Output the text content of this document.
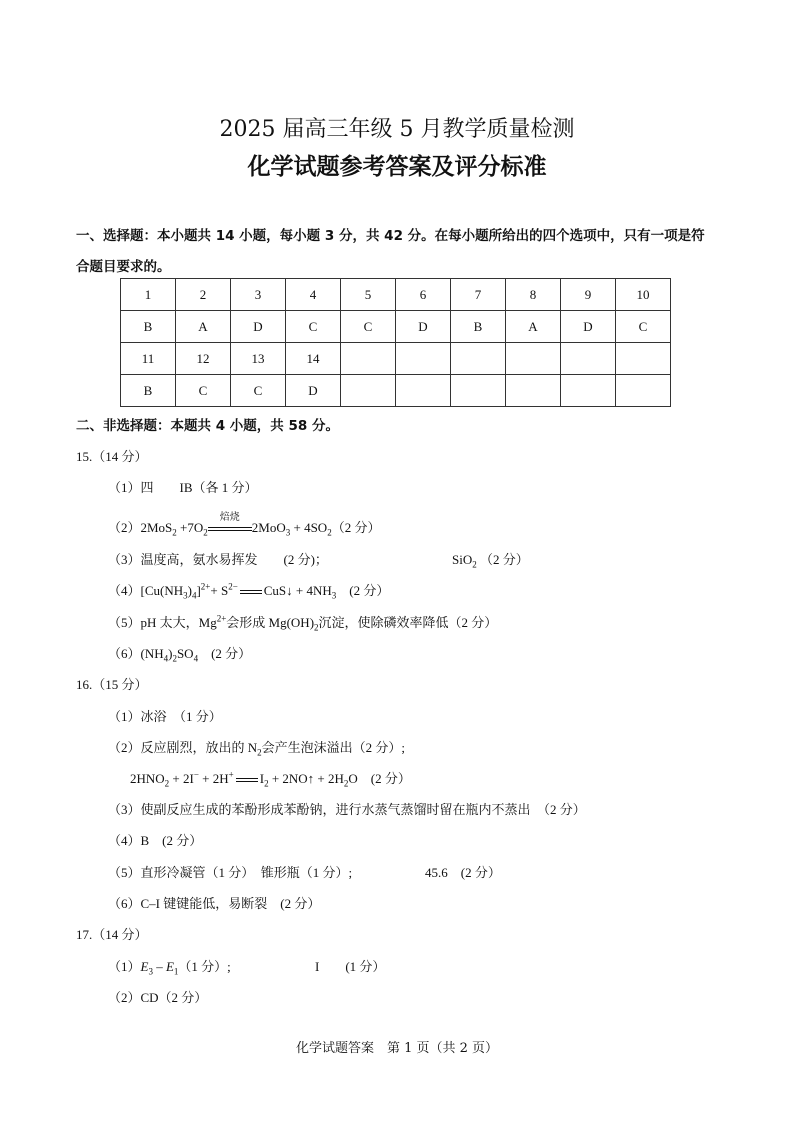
2025 届高三年级 5 月教学质量检测
化学试题参考答案及评分标准
一、选择题：本小题共 14 小题，每小题 3 分，共 42 分。在每小题所给出的四个选项中，只有一项是符
合题目要求的。
1	2	3	4	5	6	7	8	9	10
B	A	D	C	C	D	B	A	D	C
11	12	13	14						
B	C	C	D						
二、非选择题：本题共 4 小题，共 58 分。
15.（14 分）
（1）四　　IB（各 1 分）
$(2)2MoS_2 +7O_2$
焙烧
$2MoO_3 + 4SO_2(2$ 分）
（3）温度高，氨水易挥发　　(2 分)；	SiO$_2$ （2 分）
$(4)[Cu(NH_3)_4]^{2+}+ S^{2-}$ CuS↓ + $4NH_3$　(2 分）
（5）pH 太大，$Mg^{2+}$会形成 $Mg(OH)_2$沉淀，使除磷效率降低（2 分）
$(6)(NH_4)_2SO_4$　(2 分）
16.（15 分）
（1）冰浴　（1 分）
（2）反应剧烈，放出的 $N_2$会产生泡沫溢出（2 分）;
$2HNO_2 + 2I^- + 2H^+$ $I_2$ + 2NO↑ + $2H_2O$　(2 分）
（3）使副反应生成的苯酚形成苯酚钠，进行水蒸气蒸馏时留在瓶内不蒸出　（2 分）
（4）B　(2 分）
（5）直形冷凝管（1 分）　锥形瓶（1 分）;	45.6　(2 分）
（6）C–I 键键能低，易断裂　(2 分）
17.（14 分）
$(1)E_3 - E_1(1$ 分）;	I　　(1 分）
（2）CD（2 分）
化学试题答案　第 1 页（共 2 页）
